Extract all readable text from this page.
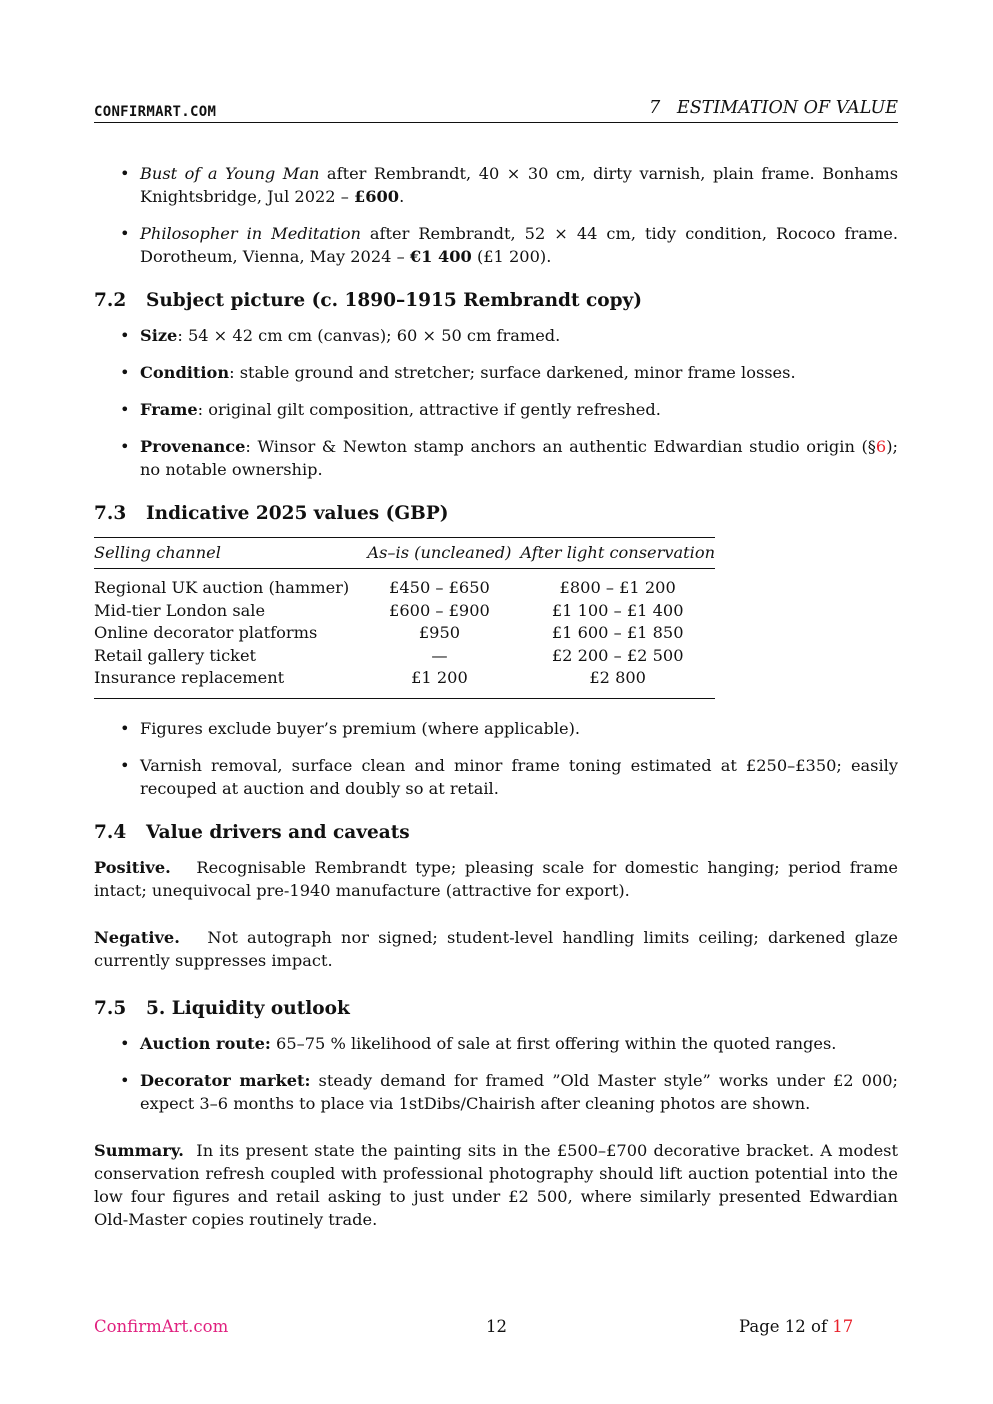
CONFIRMART.COM	7   ESTIMATION OF VALUE
• Bust of a Young Man after Rembrandt, 40 × 30 cm, dirty varnish, plain frame. Bonhams Knightsbridge, Jul 2022 – £600.
• Philosopher in Meditation after Rembrandt, 52 × 44 cm, tidy condition, Rococo frame. Dorotheum, Vienna, May 2024 – €1 400 (£1 200).
7.2 Subject picture (c. 1890–1915 Rembrandt copy)
• Size: 54 × 42 cm cm (canvas); 60 × 50 cm framed.
• Condition: stable ground and stretcher; surface darkened, minor frame losses.
• Frame: original gilt composition, attractive if gently refreshed.
• Provenance: Winsor & Newton stamp anchors an authentic Edwardian studio origin (§6); no notable ownership.
7.3 Indicative 2025 values (GBP)
Selling channel	As–is (uncleaned)	After light conservation
Regional UK auction (hammer)	£450 – £650	£800 – £1 200
Mid-tier London sale	£600 – £900	£1 100 – £1 400
Online decorator platforms	£950	£1 600 – £1 850
Retail gallery ticket	—	£2 200 – £2 500
Insurance replacement	£1 200	£2 800
• Figures exclude buyer’s premium (where applicable).
• Varnish removal, surface clean and minor frame toning estimated at £250–£350; easily recouped at auction and doubly so at retail.
7.4 Value drivers and caveats

Positive. Recognisable Rembrandt type; pleasing scale for domestic hanging; period frame intact; unequivocal pre-1940 manufacture (attractive for export).

Negative. Not autograph nor signed; student-level handling limits ceiling; darkened glaze currently suppresses impact.

7.5 5. Liquidity outlook
• Auction route: 65–75 % likelihood of sale at first offering within the quoted ranges.
• Decorator market: steady demand for framed ”Old Master style” works under £2 000; expect 3–6 months to place via 1stDibs/Chairish after cleaning photos are shown.

Summary. In its present state the painting sits in the £500–£700 decorative bracket. A modest conservation refresh coupled with professional photography should lift auction potential into the low four figures and retail asking to just under £2 500, where similarly presented Edwardian Old-Master copies routinely trade.

ConfirmArt.com	12	Page 12 of 17
